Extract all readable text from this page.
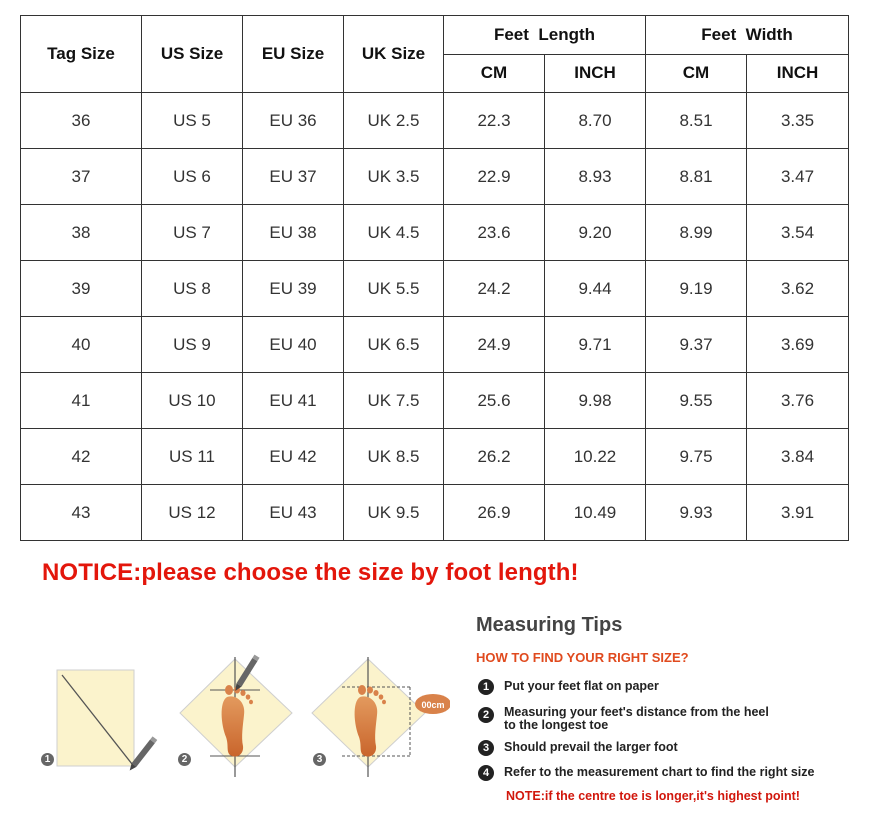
Tag Size	US Size	EU Size	UK Size	Feet  Length		Feet  Width	
				CM	INCH	CM	INCH
36	US 5	EU 36	UK 2.5	22.3	8.70	8.51	3.35
37	US 6	EU 37	UK 3.5	22.9	8.93	8.81	3.47
38	US 7	EU 38	UK 4.5	23.6	9.20	8.99	3.54
39	US 8	EU 39	UK 5.5	24.2	9.44	9.19	3.62
40	US 9	EU 40	UK 6.5	24.9	9.71	9.37	3.69
41	US 10	EU 41	UK 7.5	25.6	9.98	9.55	3.76
42	US 11	EU 42	UK 8.5	26.2	10.22	9.75	3.84
43	US 12	EU 43	UK 9.5	26.9	10.49	9.93	3.91
NOTICE:please choose the size by foot length!
00cm
1	2	3
Measuring Tips
HOW TO FIND YOUR RIGHT SIZE?
1	Put your feet flat on paper
2	Measuring your feet's distance from the heel
to the longest toe
3	Should prevail the larger foot
4	Refer to the measurement chart to find the right size
NOTE:if the centre toe is longer,it's highest point!
